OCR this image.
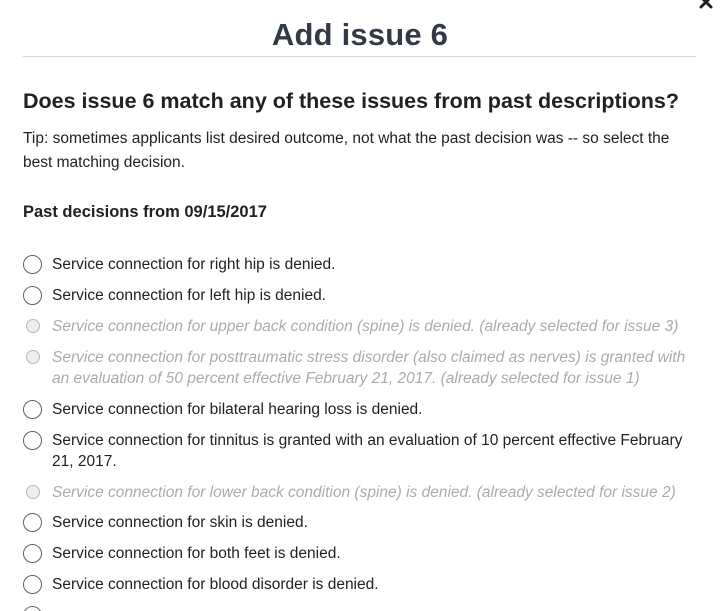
Add issue 6
Does issue 6 match any of these issues from past descriptions?

Tip: sometimes applicants list desired outcome, not what the past decision was -- so select the best matching decision.

Past decisions from 09/15/2017
Service connection for right hip is denied.
Service connection for left hip is denied.
Service connection for upper back condition (spine) is denied. (already selected for issue 3)
Service connection for posttraumatic stress disorder (also claimed as nerves) is granted with an evaluation of 50 percent effective February 21, 2017. (already selected for issue 1)
Service connection for bilateral hearing loss is denied.
Service connection for tinnitus is granted with an evaluation of 10 percent effective February 21, 2017.
Service connection for lower back condition (spine) is denied. (already selected for issue 2)
Service connection for skin is denied.
Service connection for both feet is denied.
Service connection for blood disorder is denied.
